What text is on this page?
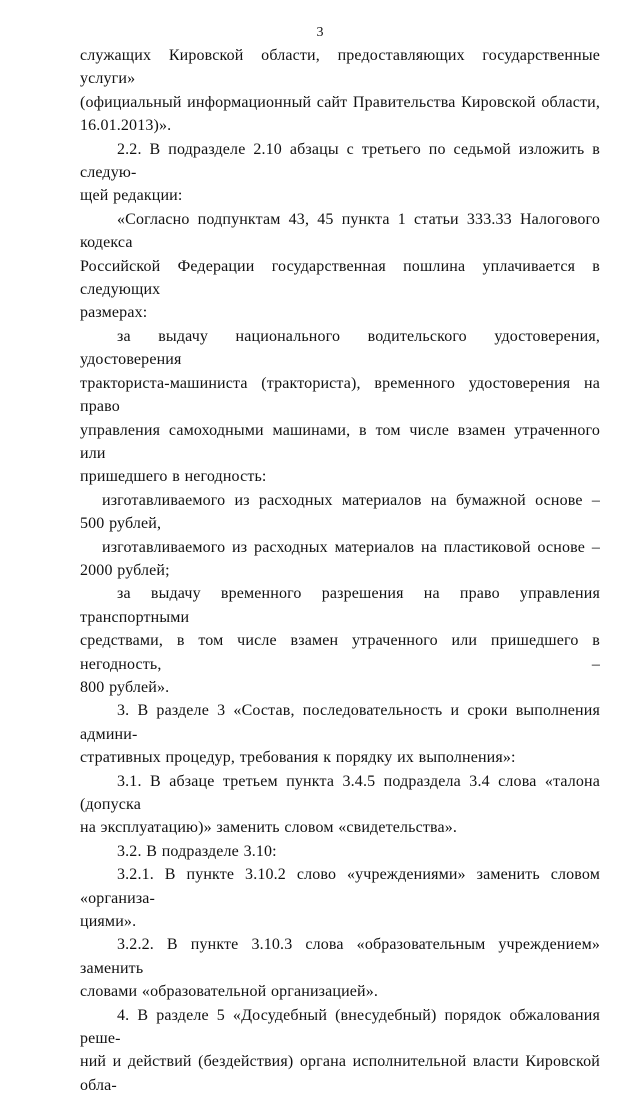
3

служащих Кировской области, предоставляющих государственные услуги»

(официальный информационный сайт Правительства Кировской области,

16.01.2013)».

2.2. В подразделе 2.10 абзацы с третьего по седьмой изложить в следую-

щей редакции:

«Согласно подпунктам 43, 45 пункта 1 статьи 333.33 Налогового кодекса

Российской Федерации государственная пошлина уплачивается в следующих

размерах:

за выдачу национального водительского удостоверения, удостоверения

тракториста-машиниста (тракториста), временного удостоверения на право

управления самоходными машинами, в том числе взамен утраченного или

пришедшего в негодность:

изготавливаемого из расходных материалов на бумажной основе –

500 рублей,

изготавливаемого из расходных материалов на пластиковой основе –

2000 рублей;

за выдачу временного разрешения на право управления транспортными

средствами, в том числе взамен утраченного или пришедшего в негодность, –

800 рублей».

3. В разделе 3 «Состав, последовательность и сроки выполнения админи-

стративных процедур, требования к порядку их выполнения»:

3.1. В абзаце третьем пункта 3.4.5 подраздела 3.4 слова «талона (допуска

на эксплуатацию)» заменить словом «свидетельства».

3.2. В подразделе 3.10:

3.2.1. В пункте 3.10.2 слово «учреждениями» заменить словом «организа-

циями».

3.2.2. В пункте 3.10.3 слова «образовательным учреждением» заменить

словами «образовательной организацией».

4. В разделе 5 «Досудебный (внесудебный) порядок обжалования реше-

ний и действий (бездействия) органа исполнительной власти Кировской обла-
